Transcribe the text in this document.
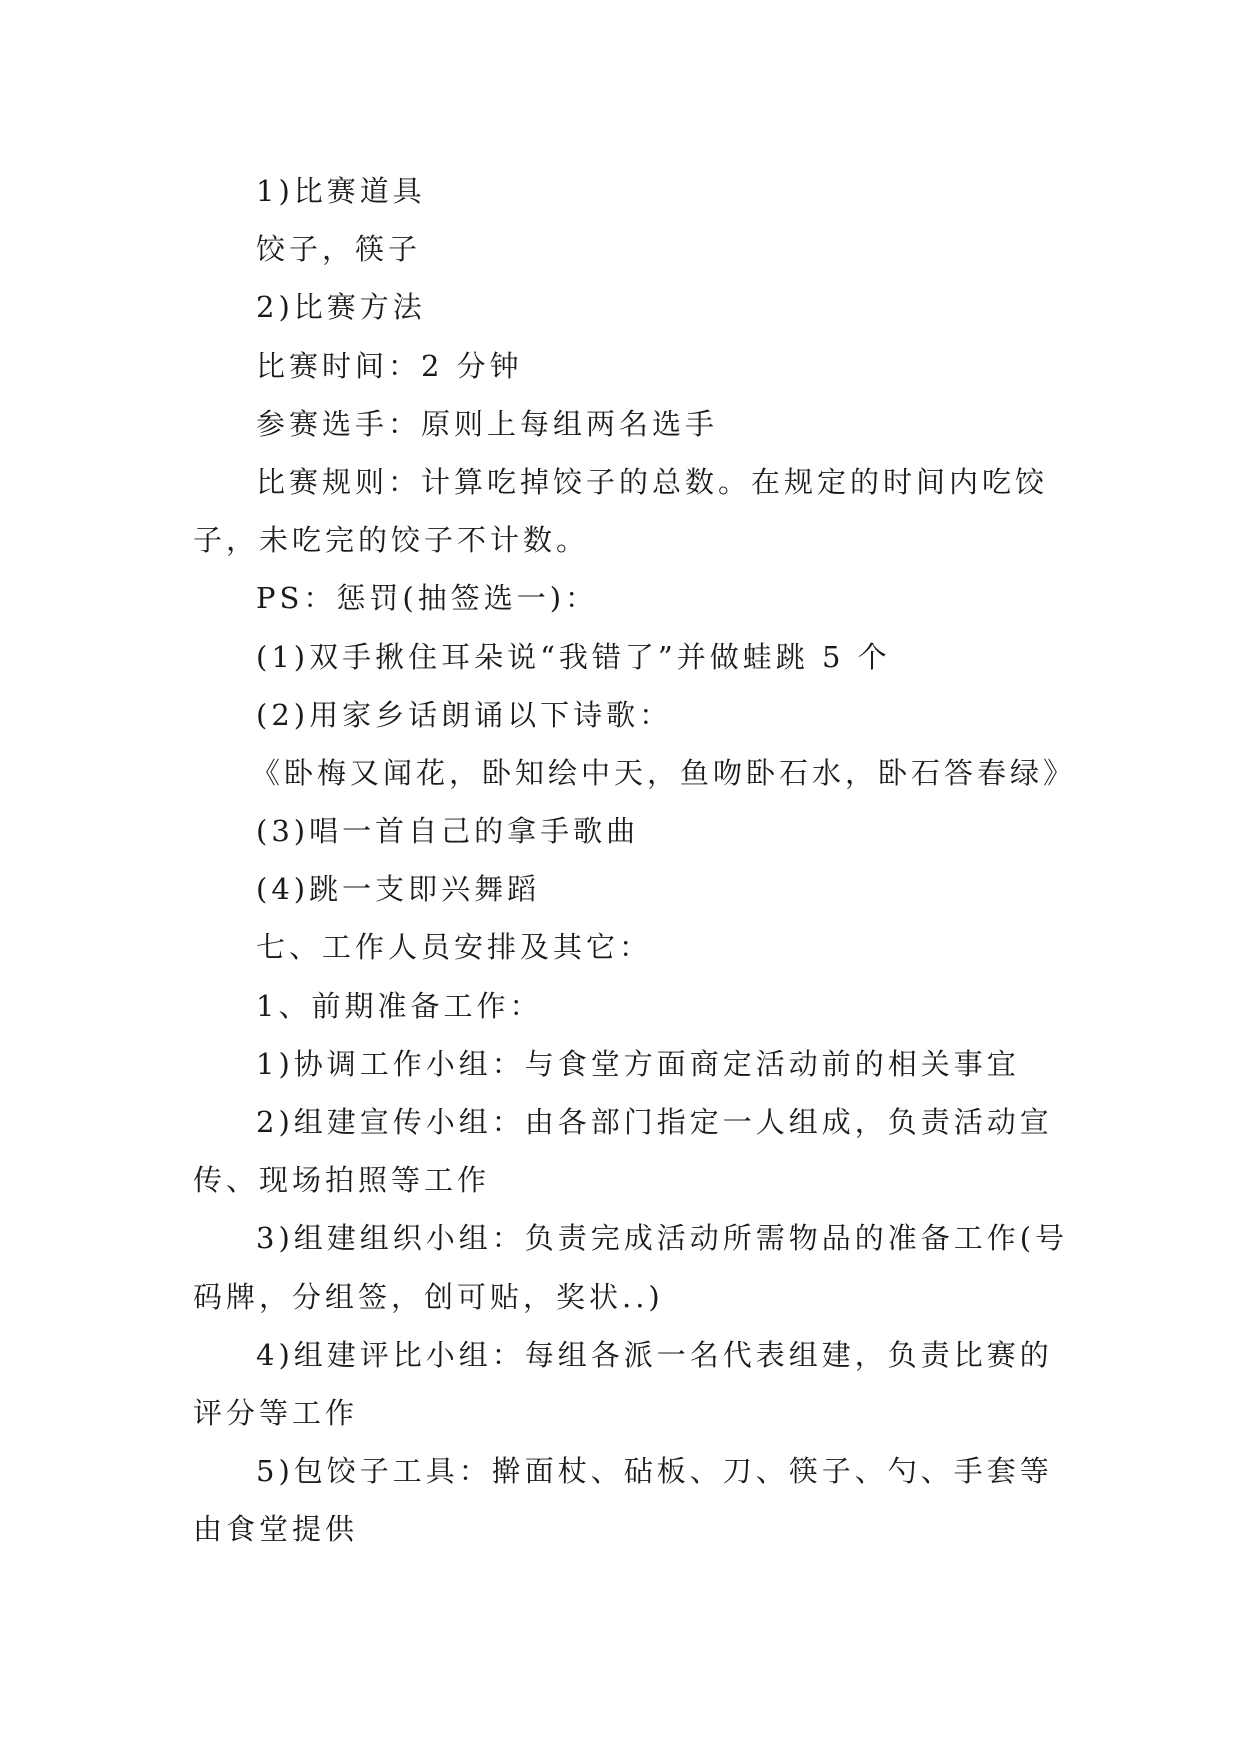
1)比赛道具
饺子，筷子
2)比赛方法
比赛时间：2 分钟
参赛选手：原则上每组两名选手
比赛规则：计算吃掉饺子的总数。在规定的时间内吃饺
子，未吃完的饺子不计数。
PS：惩罚(抽签选一)：
(1)双手揪住耳朵说“我错了”并做蛙跳 5 个
(2)用家乡话朗诵以下诗歌：
《卧梅又闻花，卧知绘中天，鱼吻卧石水，卧石答春绿》
(3)唱一首自己的拿手歌曲
(4)跳一支即兴舞蹈
七、工作人员安排及其它：
1、前期准备工作：
1)协调工作小组：与食堂方面商定活动前的相关事宜
2)组建宣传小组：由各部门指定一人组成，负责活动宣
传、现场拍照等工作
3)组建组织小组：负责完成活动所需物品的准备工作(号
码牌，分组签，创可贴，奖状..)
4)组建评比小组：每组各派一名代表组建，负责比赛的
评分等工作
5)包饺子工具：擀面杖、砧板、刀、筷子、勺、手套等
由食堂提供
